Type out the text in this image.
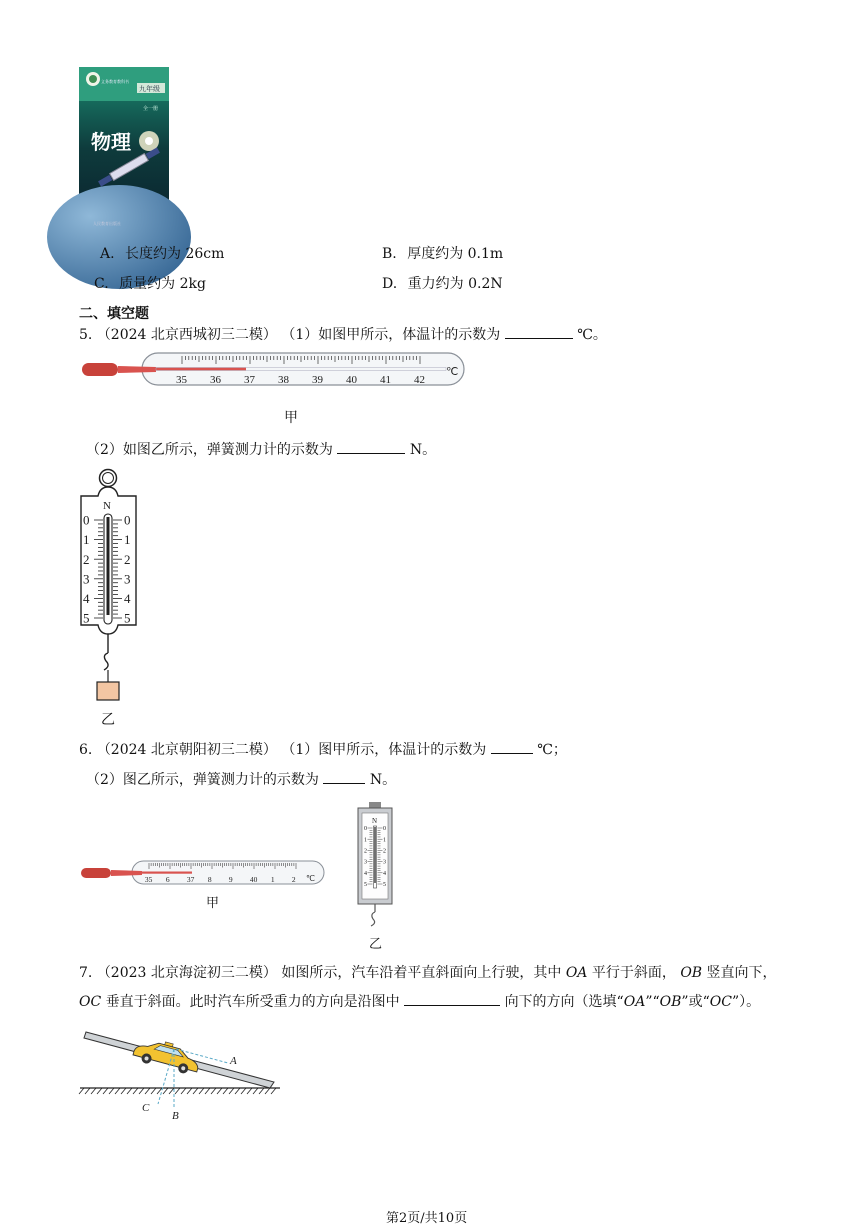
九年级
全一册
义务教育教科书
物理
人民教育出版社
A. 长度约为 26cm	B. 厚度约为 0.1m
C. 质量约为 2kg	D. 重力约为 0.2N
二、填空题
5. （2024 北京西城初三二模） （1）如图甲所示，体温计的示数为	℃。
35 36 37 38 39 40 41 42
℃
甲
（2）如图乙所示，弹簧测力计的示数为	N。
N
0	0
1	1
2	2
3	3
4	4
5	5
乙
6. （2024 北京朝阳初三二模） （1）图甲所示，体温计的示数为	℃；
（2）图乙所示，弹簧测力计的示数为	N。
35 6 37 8 9 40 1 2 ℃
甲
N
0	0
1	1
2	2
3	3
4	4
5	5
乙
7. （2023 北京海淀初三二模） 如图所示，汽车沿着平直斜面向上行驶，其中 OA 平行于斜面， OB 竖直向下，
OC 垂直于斜面。此时汽车所受重力的方向是沿图中	向下的方向（选填“OA”“OB”或“OC”）。
A
B
C
第2页/共10页
